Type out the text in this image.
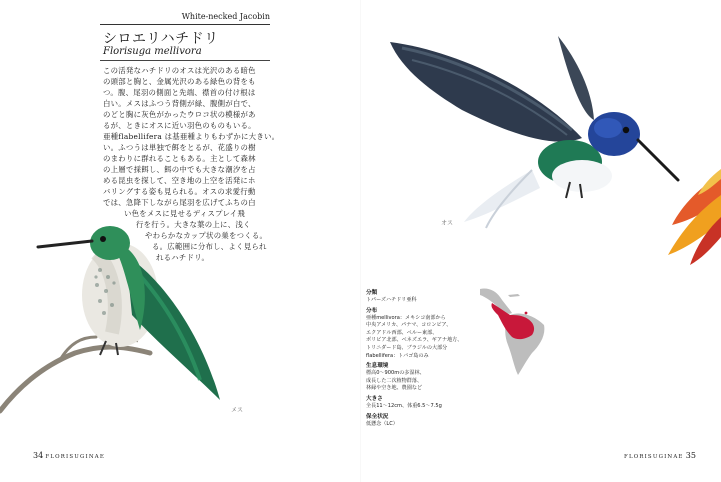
White-necked Jacobin
シロエリハチドリ
Florisuga mellivora
この活発なハチドリのオスは光沢のある暗色
の頭部と胸と、金属光沢のある緑色の背をも
つ。腹、尾羽の側面と先端、襟首の付け根は
白い。メスはふつう背側が緑、腹側が白で、
のどと胸に灰色がかったウロコ状の模様があ
るが、ときにオスに近い羽色のものもいる。
亜種flabellifera は基亜種よりもわずかに大きい。
い。ふつうは単独で餌をとるが、花盛りの樹
のまわりに群れることもある。主として森林
の上層で採餌し、餌の中でも大きな潮汐を占
める昆虫を探して、空き地の上空を活発にホ
バリングする姿も見られる。オスの求愛行動
では、急降下しながら尾羽を広げてふちの白
い色をメスに見せるディスプレイ飛
行を行う。大きな葉の上に、浅く
やわらかなカップ状の巣をつくる。
る。広範囲に分布し、よく見られ
れるハチドリ。
メス
34 FLORISUGINAE
オス
分類
トパーズハチドリ亜科
分布
亜種mellivora：メキシコ南部から
中央アメリカ、パナマ、コロンビア、
エクアドル西部、ペルー東部、
ボリビア北部、ベネズエラ、ギアナ地方、
トリニダード島、ブラジルの大部分
flabellifera：トバゴ島のみ
生息環境
標高0～900mの多湿林、
成長した二次植物群落、
林縁や空き地、農園など
大きさ
全長11～12cm、体重6.5～7.5g
保全状況
低懸念（LC）
FLORISUGINAE 35
